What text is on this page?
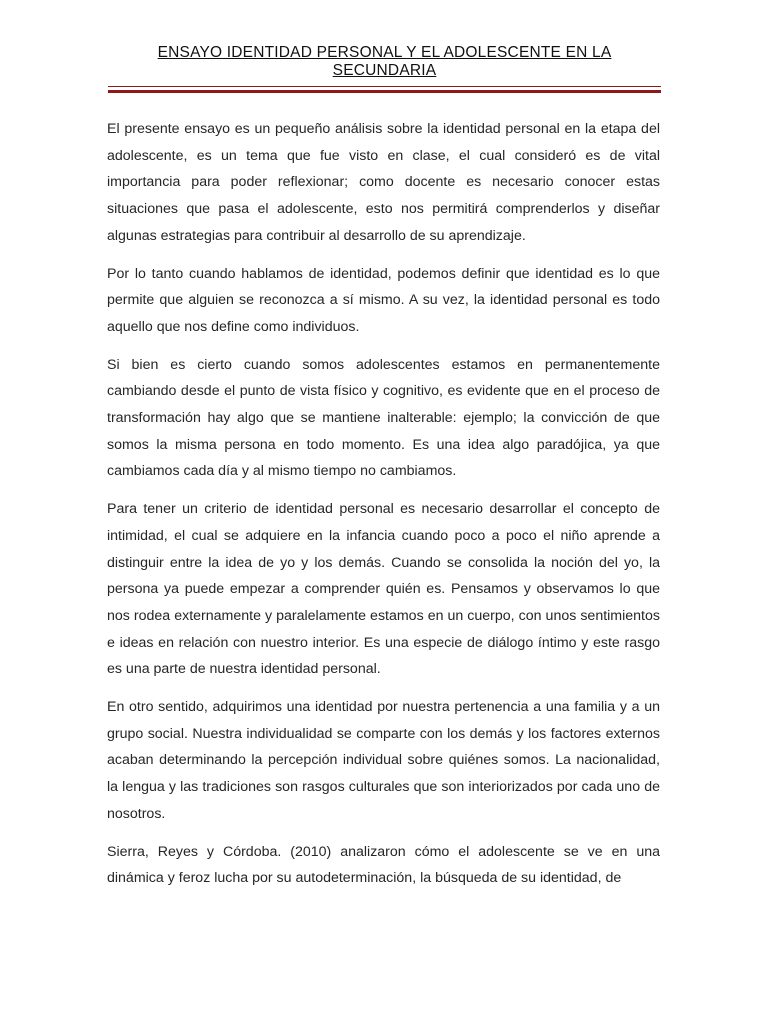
ENSAYO IDENTIDAD PERSONAL Y EL ADOLESCENTE EN LA SECUNDARIA

El presente ensayo es un pequeño análisis sobre la identidad personal en la etapa del adolescente, es un tema que fue visto en clase, el cual consideró es de vital importancia para poder reflexionar; como docente es necesario conocer estas situaciones que pasa el adolescente, esto nos permitirá comprenderlos y diseñar algunas estrategias para contribuir al desarrollo de su aprendizaje.

Por lo tanto cuando hablamos de identidad, podemos definir que identidad es lo que permite que alguien se reconozca a sí mismo. A su vez, la identidad personal es todo aquello que nos define como individuos.

Si bien es cierto cuando somos adolescentes estamos en permanentemente cambiando desde el punto de vista físico y cognitivo, es evidente que en el proceso de transformación hay algo que se mantiene inalterable: ejemplo; la convicción de que somos la misma persona en todo momento. Es una idea algo paradójica, ya que cambiamos cada día y al mismo tiempo no cambiamos.

Para tener un criterio de identidad personal es necesario desarrollar el concepto de intimidad, el cual se adquiere en la infancia cuando poco a poco el niño aprende a distinguir entre la idea de yo y los demás. Cuando se consolida la noción del yo, la persona ya puede empezar a comprender quién es. Pensamos y observamos lo que nos rodea externamente y paralelamente estamos en un cuerpo, con unos sentimientos e ideas en relación con nuestro interior. Es una especie de diálogo íntimo y este rasgo es una parte de nuestra identidad personal.

En otro sentido, adquirimos una identidad por nuestra pertenencia a una familia y a un grupo social. Nuestra individualidad se comparte con los demás y los factores externos acaban determinando la percepción individual sobre quiénes somos. La nacionalidad, la lengua y las tradiciones son rasgos culturales que son interiorizados por cada uno de nosotros.

Sierra, Reyes y Córdoba. (2010) analizaron cómo el adolescente se ve en una dinámica y feroz lucha por su autodeterminación, la búsqueda de su identidad, de
